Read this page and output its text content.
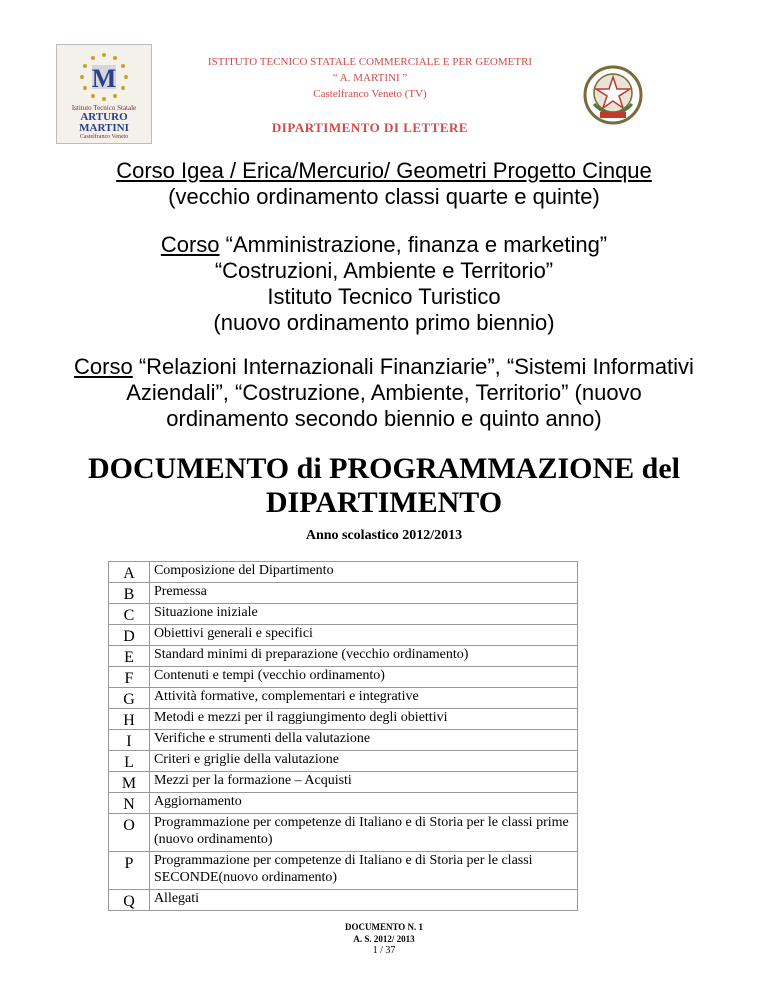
M
Istituto Tecnico Statale
ARTURO
MARTINI
Castelfranco Veneto
ISTITUTO TECNICO STATALE COMMERCIALE E PER GEOMETRI
“ A. MARTINI ”
Castelfranco Veneto (TV)
DIPARTIMENTO DI LETTERE
Corso Igea / Erica/Mercurio/ Geometri Progetto Cinque
(vecchio ordinamento classi quarte e quinte)
Corso “Amministrazione, finanza e marketing”
“Costruzioni, Ambiente e Territorio”
Istituto Tecnico Turistico
(nuovo ordinamento primo biennio)
Corso “Relazioni Internazionali Finanziarie”, “Sistemi Informativi
Aziendali”, “Costruzione, Ambiente, Territorio” (nuovo
ordinamento secondo biennio e quinto anno)
DOCUMENTO di PROGRAMMAZIONE del
DIPARTIMENTO
Anno scolastico 2012/2013
A	Composizione del Dipartimento
B	Premessa
C	Situazione iniziale
D	Obiettivi generali e specifici
E	Standard minimi di preparazione (vecchio ordinamento)
F	Contenuti e tempi (vecchio ordinamento)
G	Attività formative, complementari e integrative
H	Metodi e mezzi per il raggiungimento degli obiettivi
I	Verifiche e strumenti della valutazione
L	Criteri e griglie della valutazione
M	Mezzi per la formazione – Acquisti
N	Aggiornamento
O	Programmazione per competenze di Italiano e di Storia per le classi prime (nuovo ordinamento)
P	Programmazione per competenze di Italiano e di Storia per le classi SECONDE(nuovo ordinamento)
Q	Allegati
DOCUMENTO N. 1
A. S. 2012/ 2013
1 / 37
